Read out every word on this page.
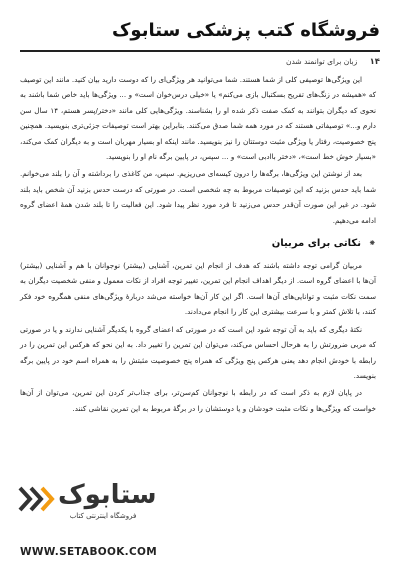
فروشگاه کتب پزشکی ستابوک
۱۴ زبان برای توانمند شدن

این ویژگی‌ها توصیفی کلی از شما هستند. شما می‌توانید هر ویژگی‌ای را که دوست دارید بیان کنید. مانند این توصیف که «همیشه در زنگ‌های تفریح بسکتبال بازی می‌کنم» یا «خیلی درس‌خوان است» و ... ویژگی‌ها باید خاص شما باشند به نحوی که دیگران بتوانند به کمک صفت ذکر شده او را بشناسند. ویژگی‌هایی کلی مانند «دختر/پسر هستم، ۱۴ سال سن دارم و...» توصیفاتی هستند که در مورد همه شما صدق می‌کنند. بنابراین بهتر است توصیفات جزئی‌تری بنویسید. همچنین پنج خصوصیت، رفتار یا ویژگی مثبت دوستتان را نیز بنویسید. مانند اینکه او بسیار مهربان است و به دیگران کمک می‌کند، «بسیار خوش خط است»، «دختر باادبی است» و ... سپس، در پایین برگه نام او را بنویسید.

بعد از نوشتن این ویژگی‌ها، برگه‌ها را درون کیسه‌ای می‌ریزیم. سپس، من کاغذی را برداشته و آن را بلند می‌خوانم. شما باید حدس بزنید که این توصیفات مربوط به چه شخصی است. در صورتی که درست حدس بزنید آن شخص باید بلند شود. در غیر این صورت آن‌قدر حدس می‌زنید تا فرد مورد نظر پیدا شود. این فعالیت را تا بلند شدن همهٔ اعضای گروه ادامه می‌دهیم.

⁕ نکاتی برای مربیان

مربیان گرامی توجه داشته باشند که هدف از انجام این تمرین، آشنایی (بیشتر) نوجوانان با هم و آشنایی (بیشتر) آن‌ها با اعضای گروه است. از دیگر اهداف انجام این تمرین، تغییر توجه افراد از نکات معمول و منفی شخصیت دیگران به سمت نکات مثبت و توانایی‌های آن‌ها است. اگر این کار آن‌ها خواسته می‌شد دربارهٔ ویژگی‌های منفی همگروه خود فکر کنند، با تلاش کمتر و با سرعت بیشتری این کار را انجام می‌دادند.

نکتهٔ دیگری که باید به آن توجه شود این است که در صورتی که اعضای گروه با یکدیگر آشنایی ندارند و یا در صورتی که مربی ضرورتش را به هرحال احساس می‌کند، می‌توان این تمرین را تغییر داد. به این نحو که هرکس این تمرین را در رابطه با خودش انجام دهد یعنی هرکس پنج ویژگی که همراه پنج خصوصیت مثبتش را به همراه اسم خود در پایین برگه بنویسد.

در پایان لازم به ذکر است که در رابطه با نوجوانان کم‌سن‌تر، برای جذاب‌تر کردن این تمرین، می‌توان از آن‌ها خواست که ویژگی‌ها و نکات مثبت خودشان و یا دوستشان را در برگهٔ مربوط به این تمرین نقاشی کنند.

ستابوک
فروشگاه اینترنتی کتاب
WWW.SETABOOK.COM
